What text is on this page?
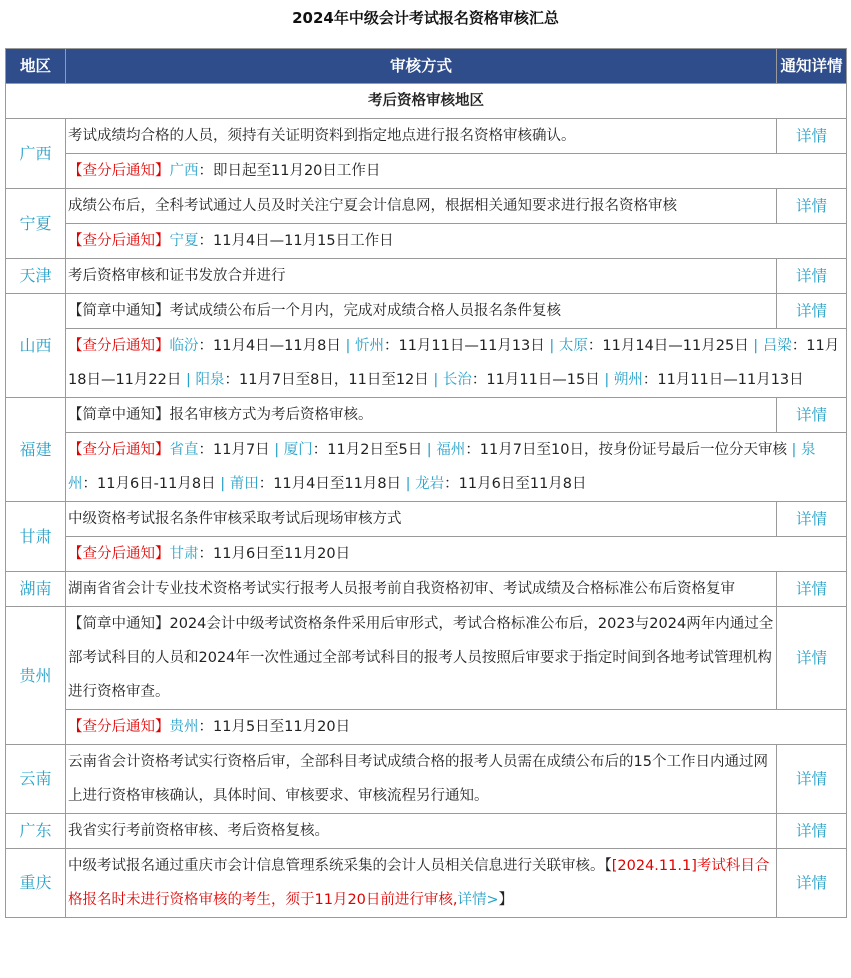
2024年中级会计考试报名资格审核汇总
地区	审核方式	通知详情
考后资格审核地区		
广西	考试成绩均合格的人员，须持有关证明资料到指定地点进行报名资格审核确认。	详情
	【查分后通知】广西：即日起至11月20日工作日	
宁夏	成绩公布后，全科考试通过人员及时关注宁夏会计信息网，根据相关通知要求进行报名资格审核	详情
	【查分后通知】宁夏：11月4日—11月15日工作日	
天津	考后资格审核和证书发放合并进行	详情
山西	【简章中通知】考试成绩公布后一个月内，完成对成绩合格人员报名条件复核	详情
	【查分后通知】临汾：11月4日—11月8日 | 忻州：11月11日—11月13日 | 太原：11月14日—11月25日 | 吕梁：11月18日—11月22日 | 阳泉：11月7日至8日，11日至12日 | 长治：11月11日—15日 | 朔州：11月11日—11月13日	
福建	【简章中通知】报名审核方式为考后资格审核。	详情
	【查分后通知】省直：11月7日 | 厦门：11月2日至5日 | 福州：11月7日至10日，按身份证号最后一位分天审核 | 泉州：11月6日-11月8日 | 莆田：11月4日至11月8日 | 龙岩：11月6日至11月8日	
甘肃	中级资格考试报名条件审核采取考试后现场审核方式	详情
	【查分后通知】甘肃：11月6日至11月20日	
湖南	湖南省省会计专业技术资格考试实行报考人员报考前自我资格初审、考试成绩及合格标准公布后资格复审	详情
贵州	【简章中通知】2024会计中级考试资格条件采用后审形式，考试合格标准公布后，2023与2024两年内通过全部考试科目的人员和2024年一次性通过全部考试科目的报考人员按照后审要求于指定时间到各地考试管理机构进行资格审查。	详情
	【查分后通知】贵州：11月5日至11月20日	
云南	云南省会计资格考试实行资格后审，全部科目考试成绩合格的报考人员需在成绩公布后的15个工作日内通过网上进行资格审核确认，具体时间、审核要求、审核流程另行通知。	详情
广东	我省实行考前资格审核、考后资格复核。	详情
重庆	中级考试报名通过重庆市会计信息管理系统采集的会计人员相关信息进行关联审核。【[2024.11.1]考试科目合格报名时未进行资格审核的考生，须于11月20日前进行审核,详情>】	详情
